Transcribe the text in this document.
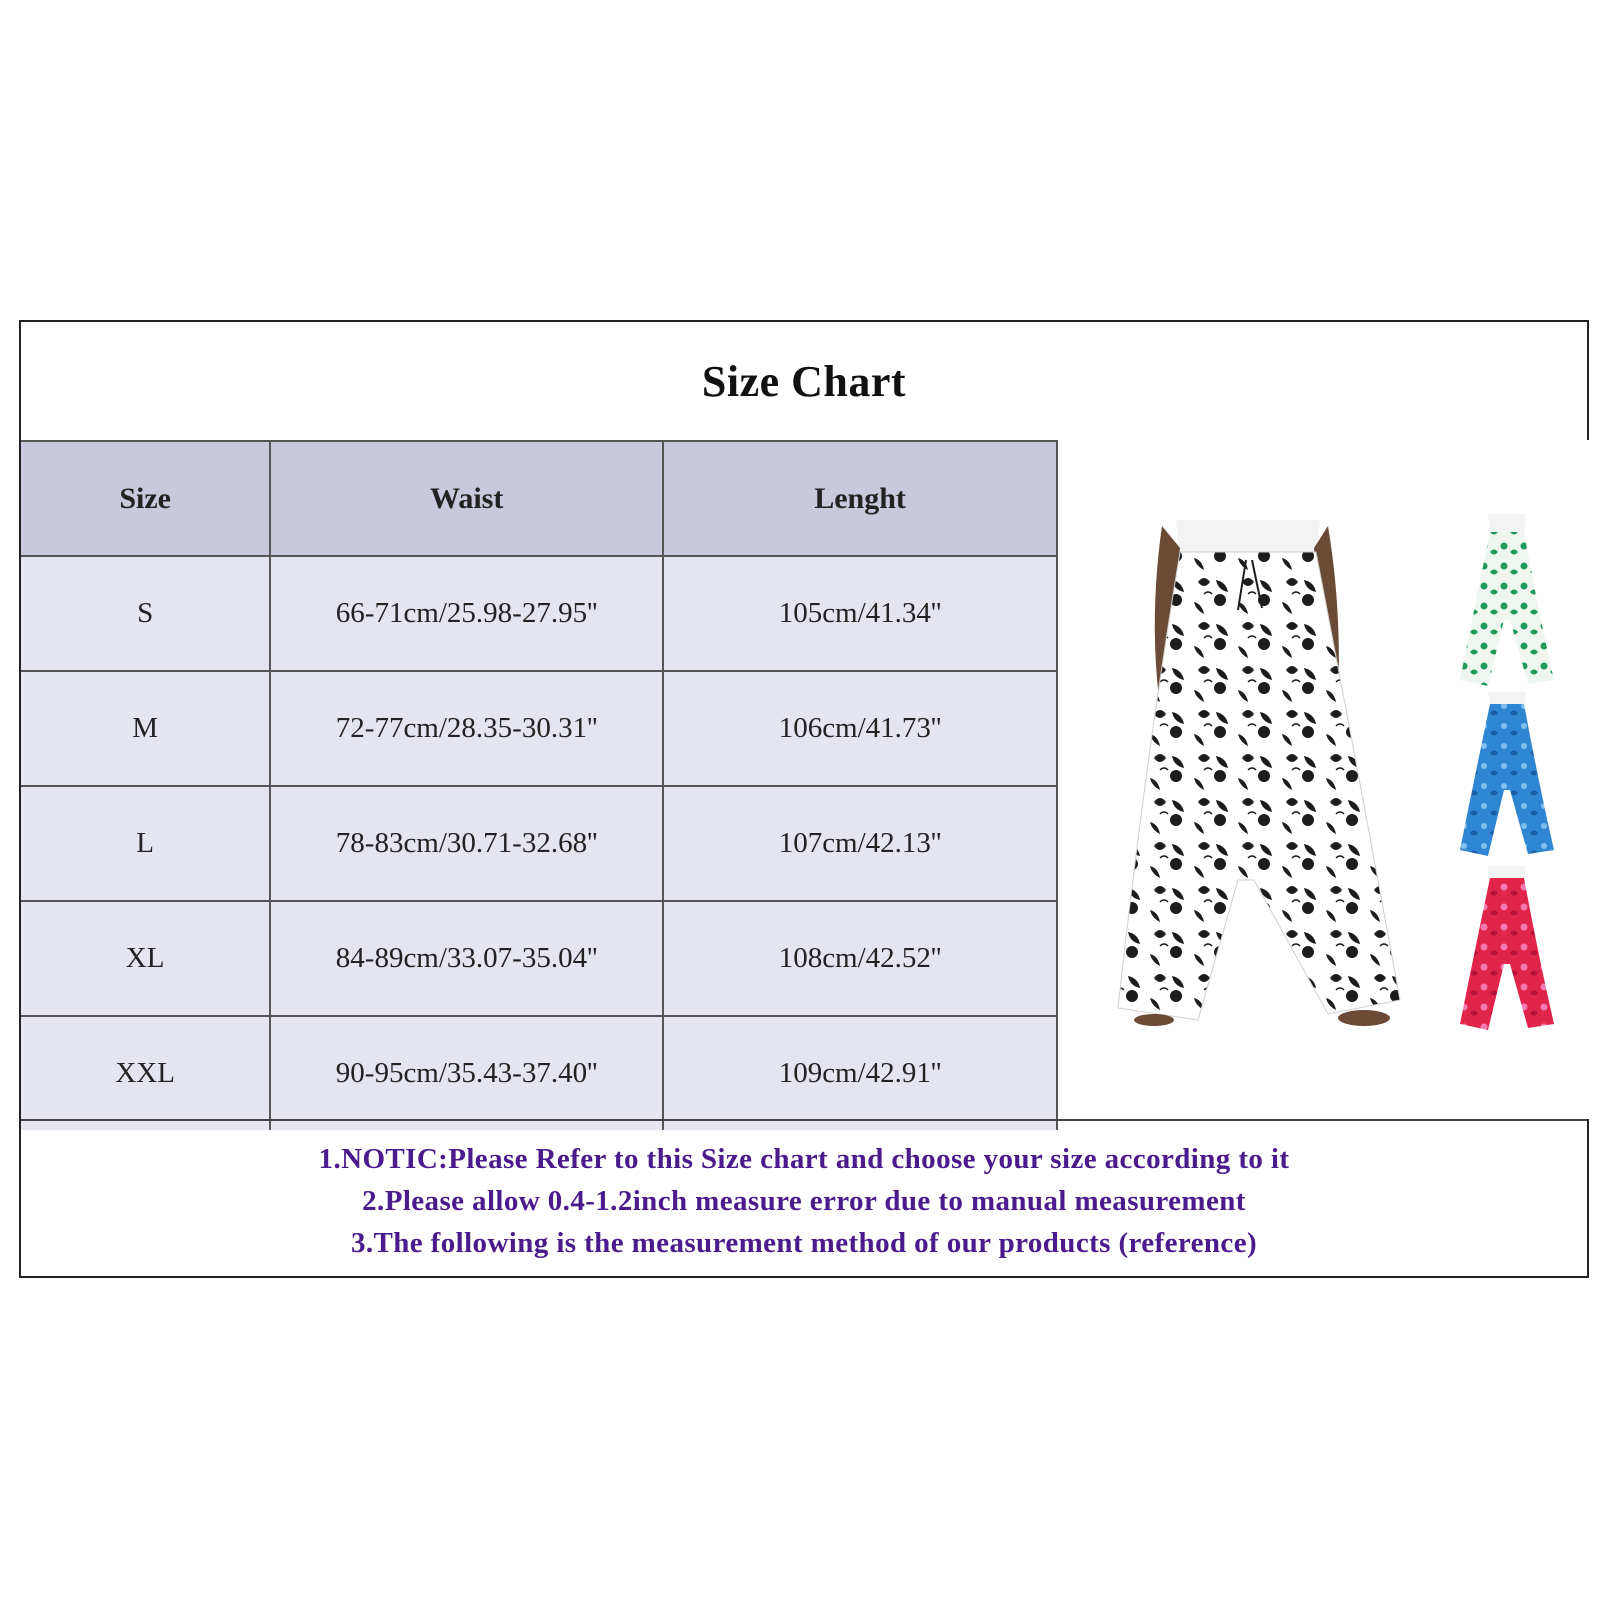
Size Chart
Size	Waist	Lenght
S	66-71cm/25.98-27.95''	105cm/41.34''
M	72-77cm/28.35-30.31''	106cm/41.73''
L	78-83cm/30.71-32.68''	107cm/42.13''
XL	84-89cm/33.07-35.04''	108cm/42.52''
XXL	90-95cm/35.43-37.40''	109cm/42.91''
1.NOTIC:Please Refer to this Size chart and choose your size according to it
2.Please allow 0.4-1.2inch measure error due to manual measurement
3.The following is the measurement method of our products (reference)
